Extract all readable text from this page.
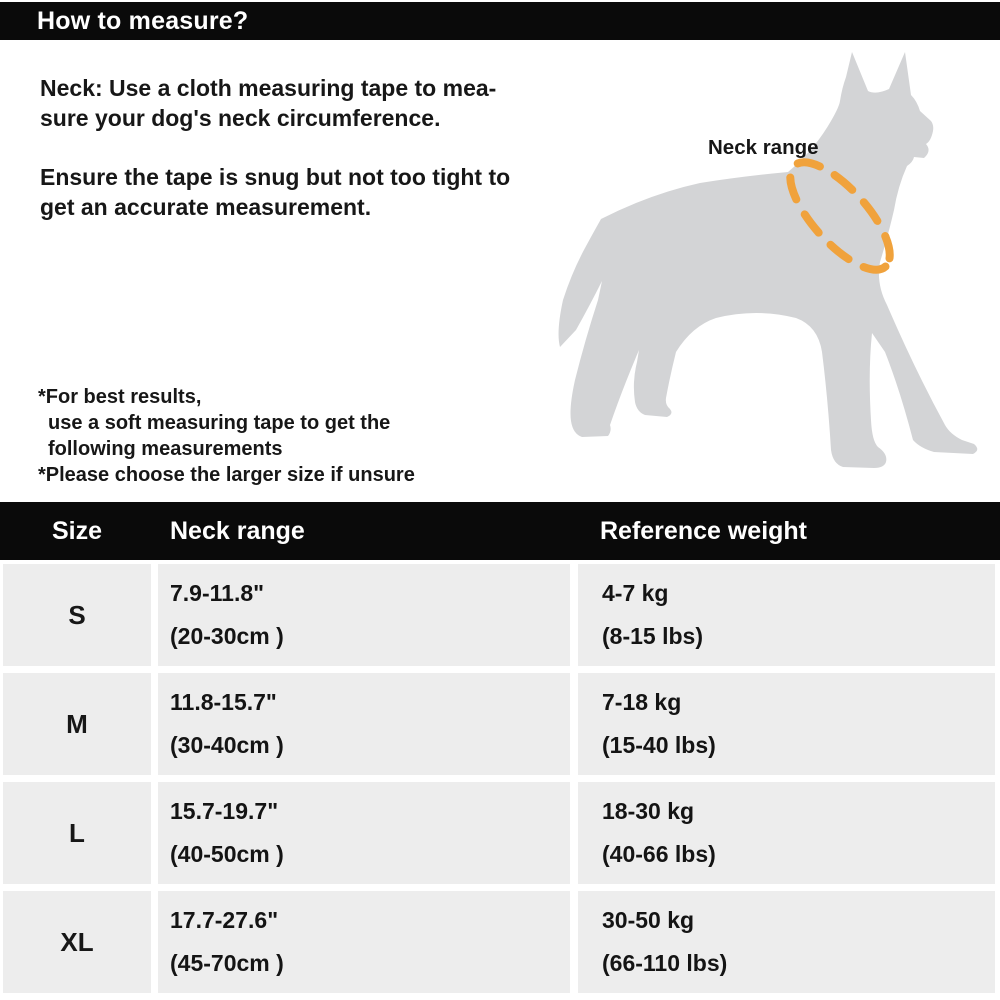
How to measure?

Neck: Use a cloth measuring tape to mea-
sure your dog's neck circumference.

Ensure the tape is snug but not too tight to
get an accurate measurement.

*For best results,
use a soft measuring tape to get the
following measurements
*Please choose the larger size if unsure
Neck range
Size	Neck range	Reference weight
S
7.9-11.8"
(20-30cm )
4-7 kg
(8-15 lbs)
M
11.8-15.7"
(30-40cm )
7-18 kg
(15-40 lbs)
L
15.7-19.7"
(40-50cm )
18-30 kg
(40-66 lbs)
XL
17.7-27.6"
(45-70cm )
30-50 kg
(66-110 lbs)
